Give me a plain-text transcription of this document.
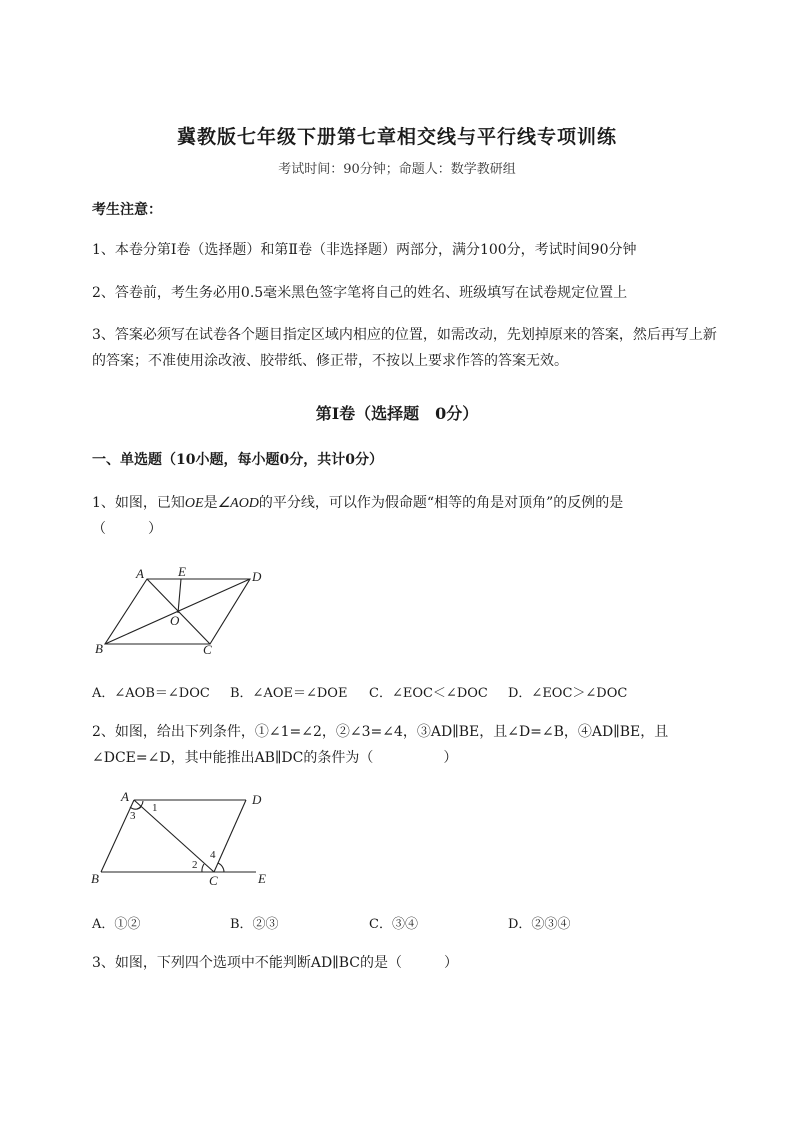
冀教版七年级下册第七章相交线与平行线专项训练
考试时间：90分钟；命题人：数学教研组
考生注意：
1、本卷分第I卷（选择题）和第Ⅱ卷（非选择题）两部分，满分100分，考试时间90分钟
2、答卷前，考生务必用0.5毫米黑色签字笔将自己的姓名、班级填写在试卷规定位置上
3、答案必须写在试卷各个题目指定区域内相应的位置，如需改动，先划掉原来的答案，然后再写上新
的答案；不准使用涂改液、胶带纸、修正带，不按以上要求作答的答案无效。
第I卷（选择题　0分）
一、单选题（10小题，每小题0分，共计0分）
1、如图，已知OE是∠AOD的平分线，可以作为假命题“相等的角是对顶角”的反例的是
（　　　）
A	E	D
O
B	C
A．∠AOB＝∠DOC B．∠AOE＝∠DOE C．∠EOC＜∠DOC D．∠EOC＞∠DOC
2、如图，给出下列条件，①∠1=∠2，②∠3=∠4，③AD∥BE，且∠D=∠B，④AD∥BE，且
∠DCE=∠D，其中能推出AB∥DC的条件为（　　　　　）
A	D
B	C	E
1
3
2
4
A．①②	B．②③	C．③④	D．②③④
3、如图，下列四个选项中不能判断AD∥BC的是（　　　）
